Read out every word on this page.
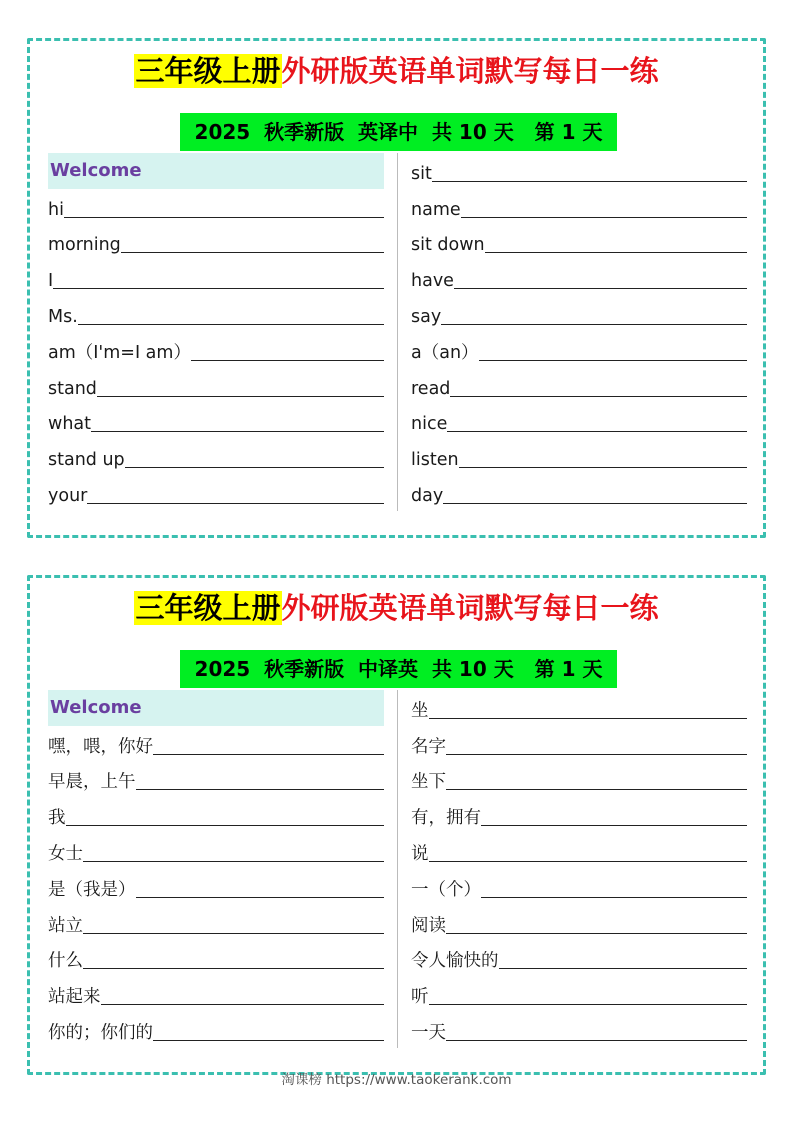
三年级上册外研版英语单词默写每日一练
2025  秋季新版  英译中  共 10 天   第 1 天
Welcome
hi
morning
I
Ms.
am（I'm=I am）
stand
what
stand up
your
sit
name
sit down
have
say
a（an）
read
nice
listen
day
三年级上册外研版英语单词默写每日一练
2025  秋季新版  中译英  共 10 天   第 1 天
Welcome
嘿，喂，你好
早晨，上午
我
女士
是（我是）
站立
什么
站起来
你的；你们的
坐
名字
坐下
有，拥有
说
一（个）
阅读
令人愉快的
听
一天
淘课榜 https://www.taokerank.com
